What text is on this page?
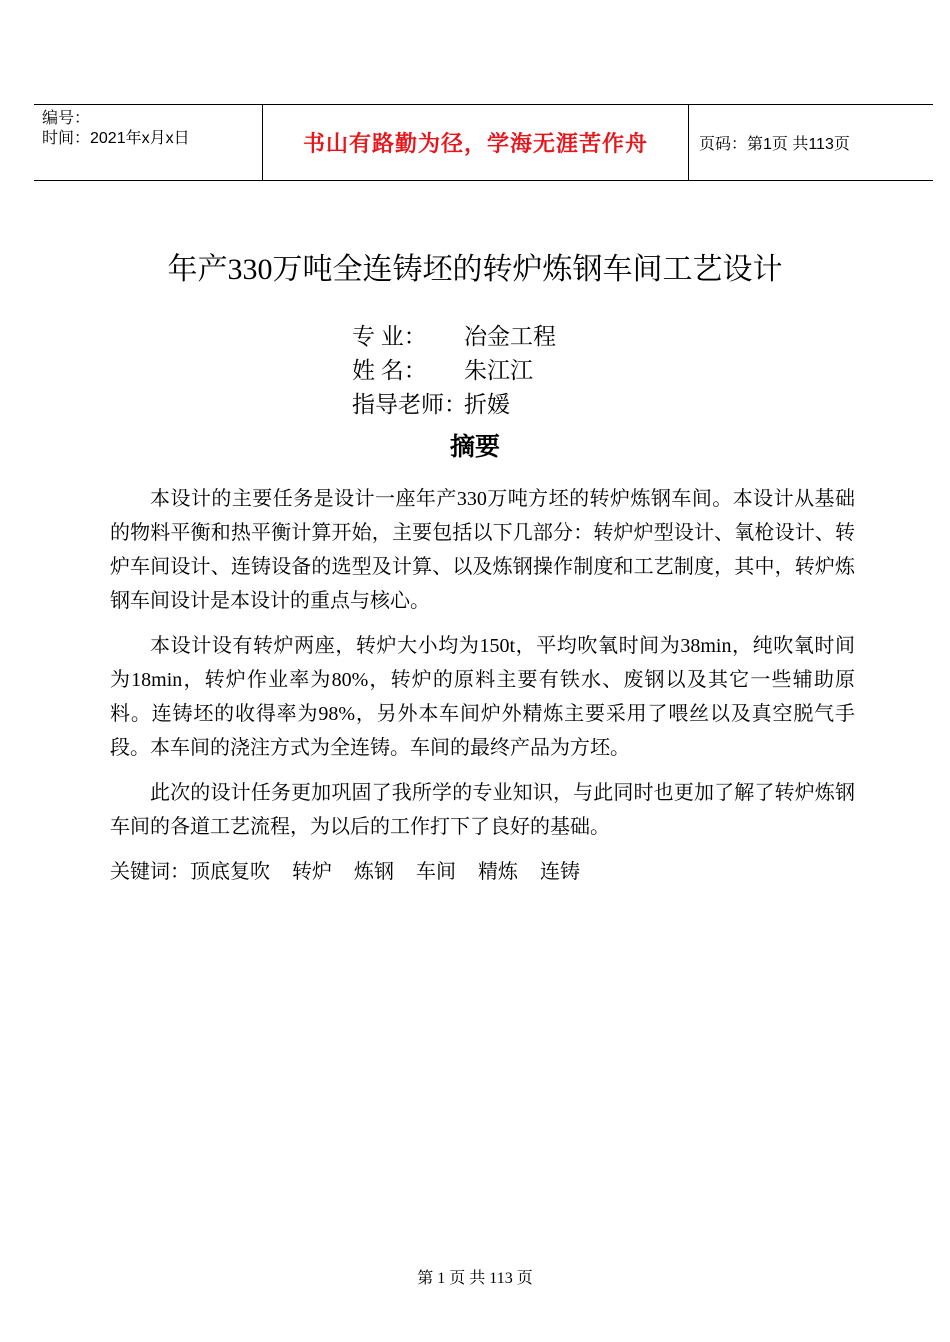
编号：
时间：2021年x月x日	书山有路勤为径，学海无涯苦作舟	页码：第1页 共113页
年产330万吨全连铸坯的转炉炼钢车间工艺设计
专 业： 冶金工程
姓 名： 朱江江
指导老师：折媛
摘要

本设计的主要任务是设计一座年产330万吨方坯的转炉炼钢车间。本设计从基础的物料平衡和热平衡计算开始，主要包括以下几部分：转炉炉型设计、氧枪设计、转炉车间设计、连铸设备的选型及计算、以及炼钢操作制度和工艺制度，其中，转炉炼钢车间设计是本设计的重点与核心。

本设计设有转炉两座，转炉大小均为150t，平均吹氧时间为38min，纯吹氧时间为18min，转炉作业率为80%，转炉的原料主要有铁水、废钢以及其它一些辅助原料。连铸坯的收得率为98%，另外本车间炉外精炼主要采用了喂丝以及真空脱气手段。本车间的浇注方式为全连铸。车间的最终产品为方坯。

此次的设计任务更加巩固了我所学的专业知识，与此同时也更加了解了转炉炼钢车间的各道工艺流程，为以后的工作打下了良好的基础。

关键词：顶底复吹 转炉 炼钢 车间 精炼 连铸
第 1 页 共 113 页
